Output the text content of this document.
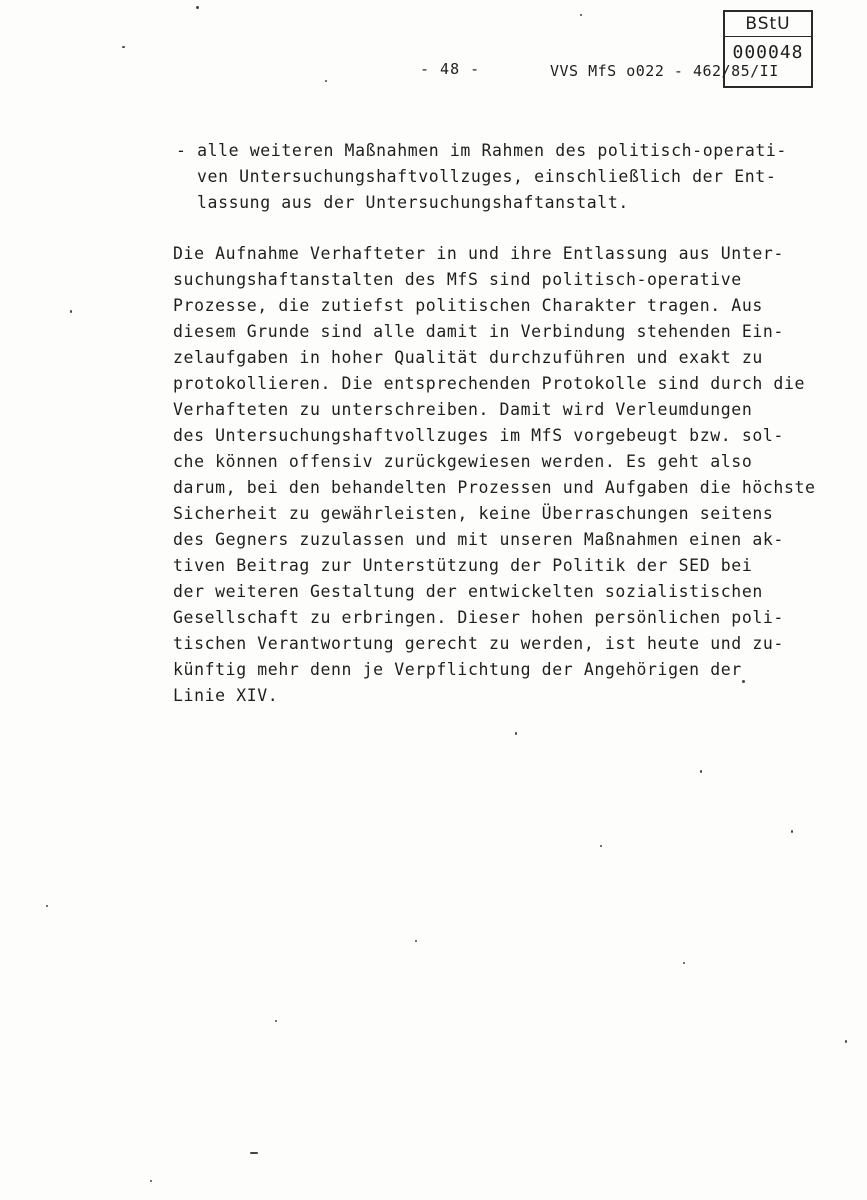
BStU
000048
- 48 -	VVS MfS o022 - 462/85/II
- alle weiteren Maßnahmen im Rahmen des politisch-operati-
ven Untersuchungshaftvollzuges, einschließlich der Ent-
lassung aus der Untersuchungshaftanstalt.
Die Aufnahme Verhafteter in und ihre Entlassung aus Unter-
suchungshaftanstalten des MfS sind politisch-operative
Prozesse, die zutiefst politischen Charakter tragen. Aus
diesem Grunde sind alle damit in Verbindung stehenden Ein-
zelaufgaben in hoher Qualität durchzuführen und exakt zu
protokollieren. Die entsprechenden Protokolle sind durch die
Verhafteten zu unterschreiben. Damit wird Verleumdungen
des Untersuchungshaftvollzuges im MfS vorgebeugt bzw. sol-
che können offensiv zurückgewiesen werden. Es geht also
darum, bei den behandelten Prozessen und Aufgaben die höchste
Sicherheit zu gewährleisten, keine Überraschungen seitens
des Gegners zuzulassen und mit unseren Maßnahmen einen ak-
tiven Beitrag zur Unterstützung der Politik der SED bei
der weiteren Gestaltung der entwickelten sozialistischen
Gesellschaft zu erbringen. Dieser hohen persönlichen poli-
tischen Verantwortung gerecht zu werden, ist heute und zu-
künftig mehr denn je Verpflichtung der Angehörigen der
Linie XIV.
